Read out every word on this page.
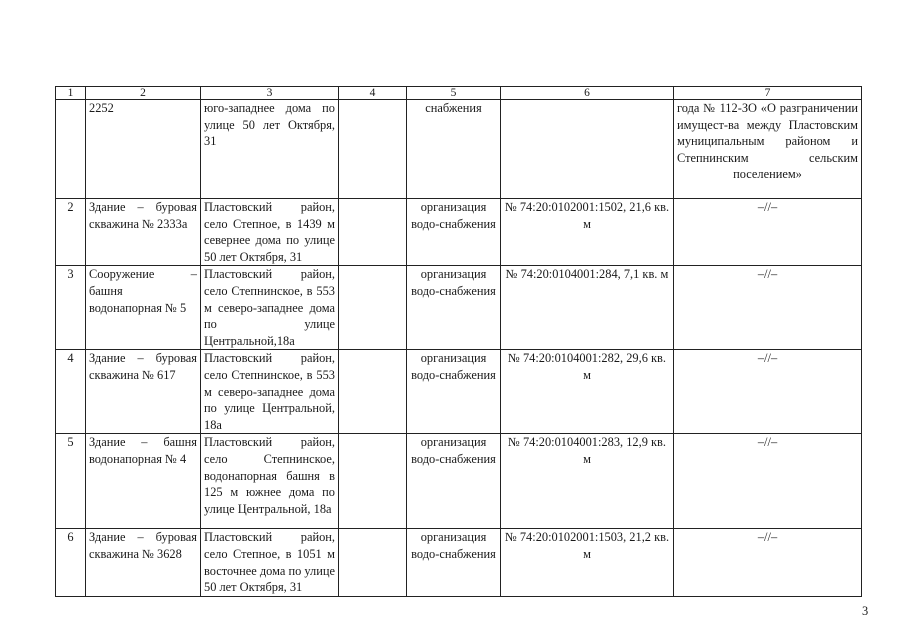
1	2	3	4	5	6	7
	2252	юго-западнее дома по улице 50 лет Октября, 31		снабжения		года № 112-ЗО «О разграничении имущест-ва между Пластовским муниципальным районом и Степнинским сельским поселением»
2	Здание – буровая скважина № 2333а	Пластовский район, село Степное, в 1439 м севернее дома по улице 50 лет Октября, 31		организация водо-снабжения	№ 74:20:0102001:1502, 21,6 кв. м	–//–
3	Сооружение – башня водонапорная № 5	Пластовский район, село Степнинское, в 553 м северо-западнее дома по улице Центральной,18а		организация водо-снабжения	№ 74:20:0104001:284, 7,1 кв. м	–//–
4	Здание – буровая скважина № 617	Пластовский район, село Степнинское, в 553 м северо-западнее дома по улице Центральной, 18а		организация водо-снабжения	№ 74:20:0104001:282, 29,6 кв. м	–//–
5	Здание – башня водонапорная № 4	Пластовский район, село Степнинское, водонапорная башня в 125 м южнее дома по улице Центральной, 18а		организация водо-снабжения	№ 74:20:0104001:283, 12,9 кв. м	–//–
6	Здание – буровая скважина № 3628	Пластовский район, село Степное, в 1051 м восточнее дома по улице 50 лет Октября, 31		организация водо-снабжения	№ 74:20:0102001:1503, 21,2 кв. м	–//–
3
